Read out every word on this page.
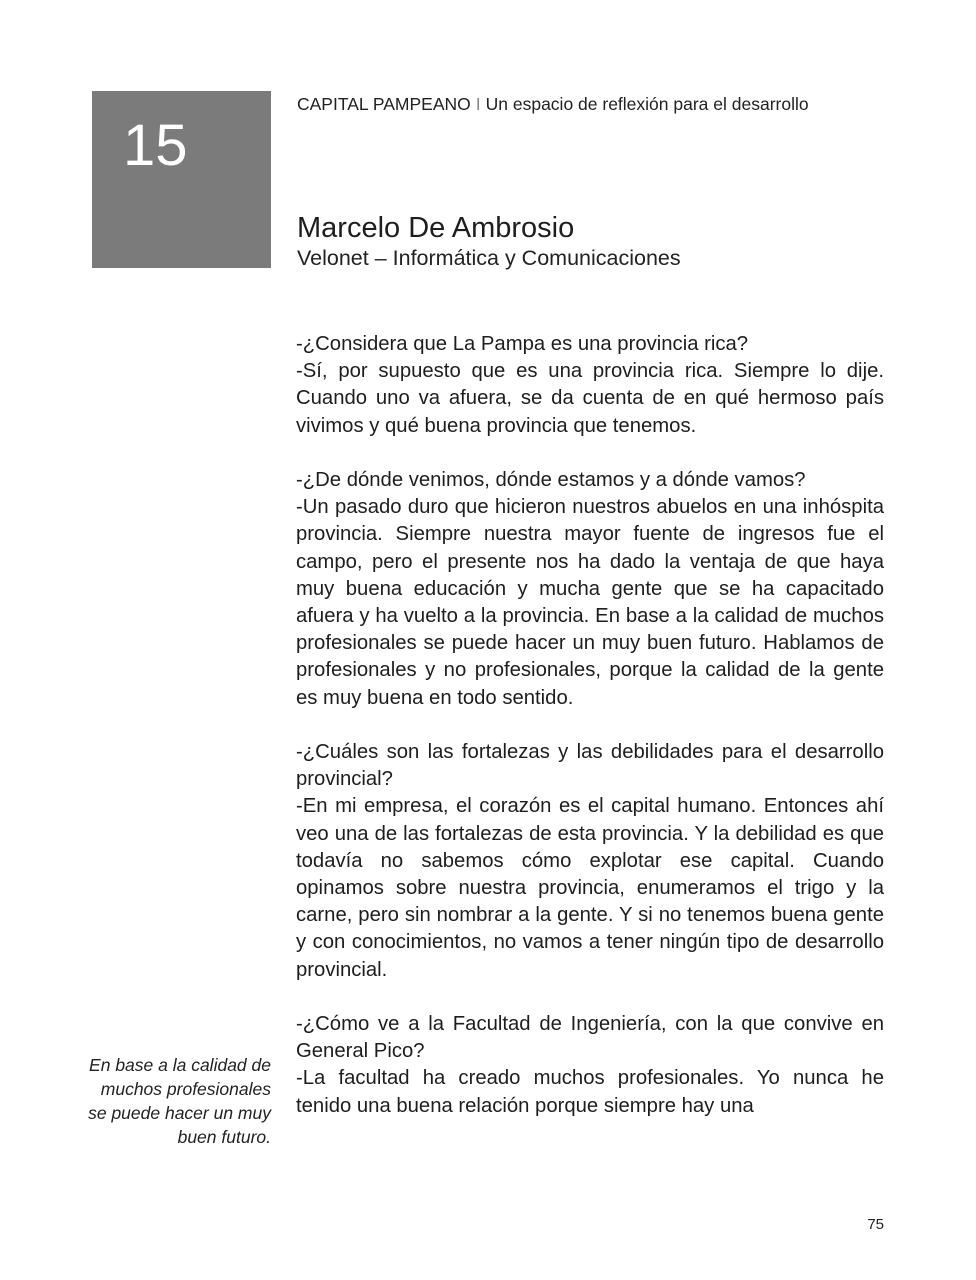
15
CAPITAL PAMPEANO I Un espacio de reflexión para el desarrollo
Marcelo De Ambrosio
Velonet – Informática y Comunicaciones

-¿Considera que La Pampa es una provincia rica?

-Sí, por supuesto que es una provincia rica. Siempre lo dije. Cuando uno va afuera, se da cuenta de en qué hermoso país vivimos y qué buena provincia que tenemos.

-¿De dónde venimos, dónde estamos y a dónde vamos?

-Un pasado duro que hicieron nuestros abuelos en una inhóspita provincia. Siempre nuestra mayor fuente de ingresos fue el campo, pero el presente nos ha dado la ventaja de que haya muy buena educación y mucha gente que se ha capacitado afuera y ha vuelto a la provincia. En base a la calidad de muchos profesionales se puede hacer un muy buen futuro. Hablamos de profesionales y no profesionales, porque la calidad de la gente es muy buena en todo sentido.

-¿Cuáles son las fortalezas y las debilidades para el desarrollo provincial?

-En mi empresa, el corazón es el capital humano. Entonces ahí veo una de las fortalezas de esta provincia. Y la debilidad es que todavía no sabemos cómo explotar ese capital. Cuando opinamos sobre nuestra provincia, enumeramos el trigo y la carne, pero sin nombrar a la gente. Y si no tenemos buena gente y con conocimientos, no vamos a tener ningún tipo de desarrollo provincial.

-¿Cómo ve a la Facultad de Ingeniería, con la que convive en General Pico?

-La facultad ha creado muchos profesionales. Yo nunca he tenido una buena relación porque siempre hay una

En base a la calidad de muchos profesionales se puede hacer un muy buen futuro.
75
